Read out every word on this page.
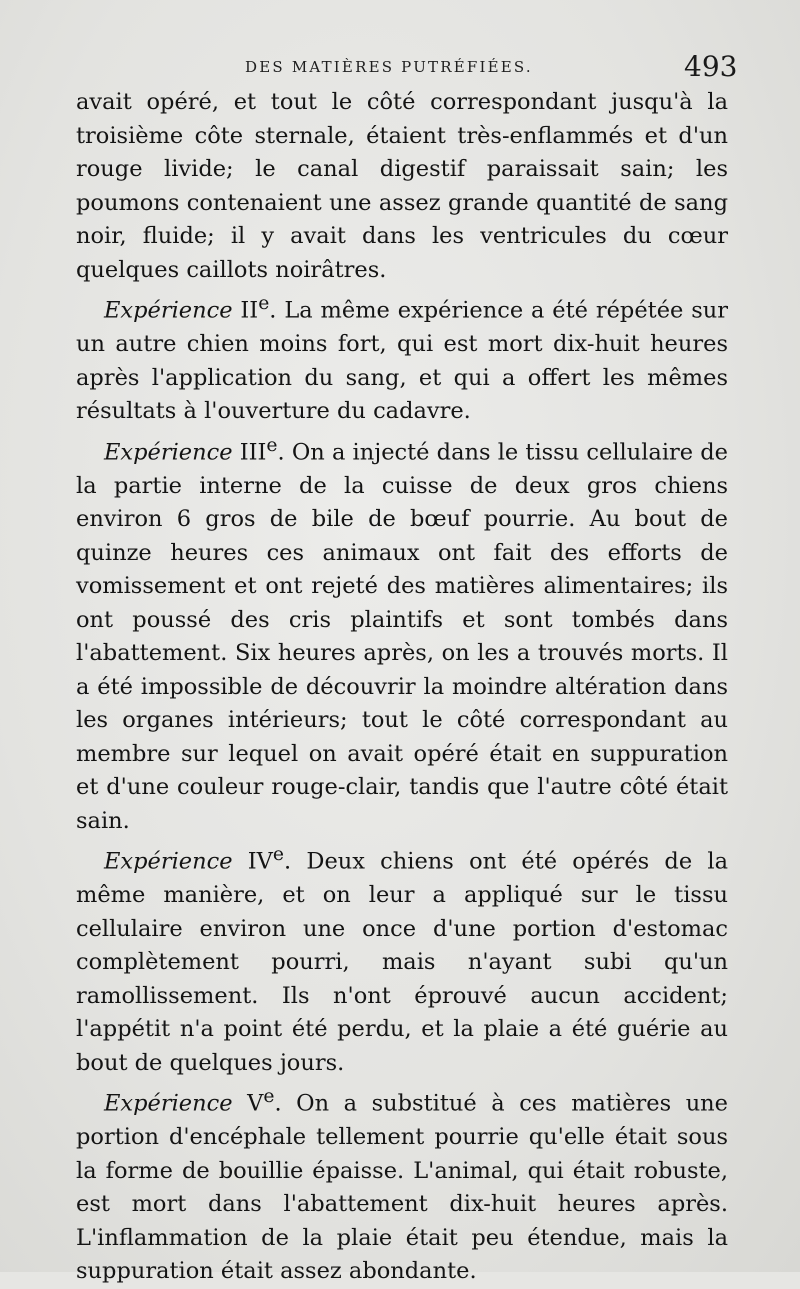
DES MATIÈRES PUTRÉFIÉES.	493

avait opéré, et tout le côté correspondant jusqu'à la troisième côte sternale, étaient très-enflammés et d'un rouge livide; le canal digestif paraissait sain; les poumons contenaient une assez grande quantité de sang noir, fluide; il y avait dans les ventricules du cœur quelques caillots noirâtres.

Expérience IIe. La même expérience a été répétée sur un autre chien moins fort, qui est mort dix-huit heures après l'application du sang, et qui a offert les mêmes résultats à l'ouverture du cadavre.

Expérience IIIe. On a injecté dans le tissu cellulaire de la partie interne de la cuisse de deux gros chiens environ 6 gros de bile de bœuf pourrie. Au bout de quinze heures ces animaux ont fait des efforts de vomissement et ont rejeté des matières alimentaires; ils ont poussé des cris plaintifs et sont tombés dans l'abattement. Six heures après, on les a trouvés morts. Il a été impossible de découvrir la moindre altération dans les organes intérieurs; tout le côté correspondant au membre sur lequel on avait opéré était en suppuration et d'une couleur rouge-clair, tandis que l'autre côté était sain.

Expérience IVe. Deux chiens ont été opérés de la même manière, et on leur a appliqué sur le tissu cellulaire environ une once d'une portion d'estomac complètement pourri, mais n'ayant subi qu'un ramollissement. Ils n'ont éprouvé aucun accident; l'appétit n'a point été perdu, et la plaie a été guérie au bout de quelques jours.

Expérience Ve. On a substitué à ces matières une portion d'encéphale tellement pourrie qu'elle était sous la forme de bouillie épaisse. L'animal, qui était robuste, est mort dans l'abattement dix-huit heures après. L'inflammation de la plaie était peu étendue, mais la suppuration était assez abondante.
